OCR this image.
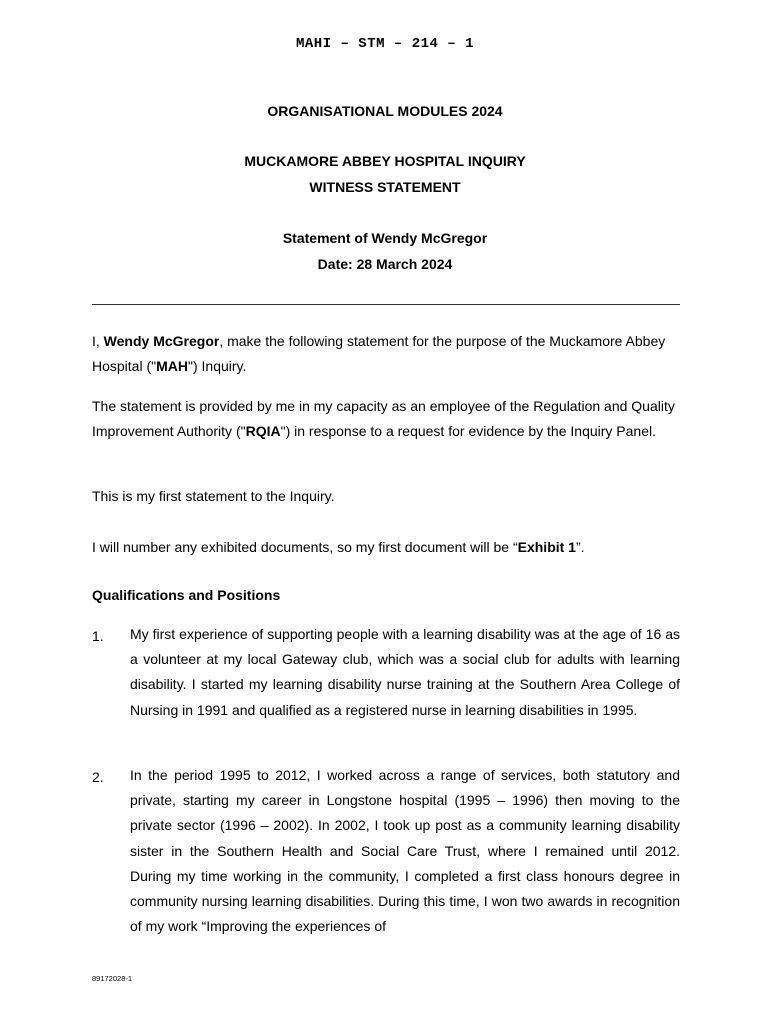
MAHI – STM – 214 – 1
ORGANISATIONAL MODULES 2024
MUCKAMORE ABBEY HOSPITAL INQUIRY
WITNESS STATEMENT
Statement of Wendy McGregor
Date: 28 March 2024

I, Wendy McGregor, make the following statement for the purpose of the Muckamore Abbey Hospital ("MAH") Inquiry.

The statement is provided by me in my capacity as an employee of the Regulation and Quality Improvement Authority ("RQIA") in response to a request for evidence by the Inquiry Panel.

This is my first statement to the Inquiry.

I will number any exhibited documents, so my first document will be “Exhibit 1”.

Qualifications and Positions
1. My first experience of supporting people with a learning disability was at the age of 16 as a volunteer at my local Gateway club, which was a social club for adults with learning disability. I started my learning disability nurse training at the Southern Area College of Nursing in 1991 and qualified as a registered nurse in learning disabilities in 1995.

2. In the period 1995 to 2012, I worked across a range of services, both statutory and private, starting my career in Longstone hospital (1995 – 1996) then moving to the private sector (1996 – 2002). In 2002, I took up post as a community learning disability sister in the Southern Health and Social Care Trust, where I remained until 2012.    During my time working in the community, I completed a first class honours degree in community nursing learning disabilities. During this time, I won two awards in recognition of my work “Improving the experiences of

89172028-1
